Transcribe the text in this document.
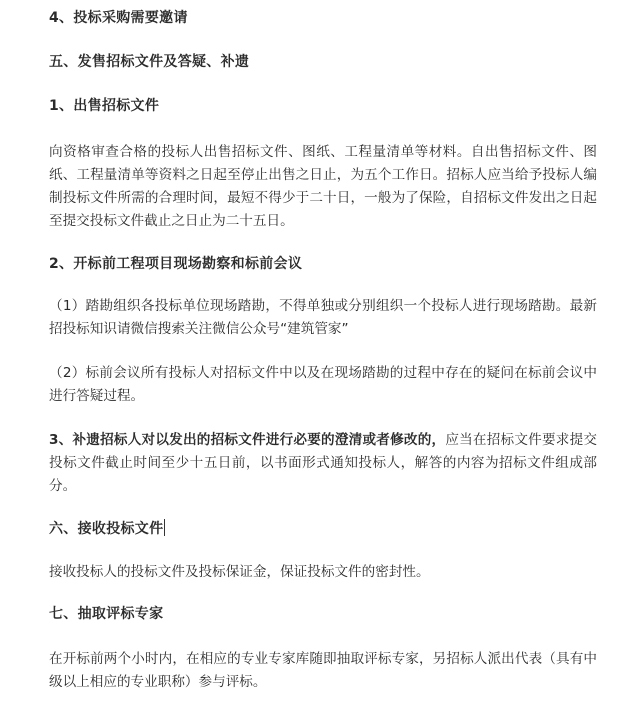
4、投标采购需要邀请
五、发售招标文件及答疑、补遗
1、出售招标文件
向资格审查合格的投标人出售招标文件、图纸、工程量清单等材料。自出售招标文件、图纸、工程量清单等资料之日起至停止出售之日止，为五个工作日。招标人应当给予投标人编制投标文件所需的合理时间，最短不得少于二十日，一般为了保险，自招标文件发出之日起至提交投标文件截止之日止为二十五日。
2、开标前工程项目现场勘察和标前会议
（1）踏勘组织各投标单位现场踏勘，不得单独或分别组织一个投标人进行现场踏勘。最新招投标知识请微信搜索关注微信公众号“建筑管家”
（2）标前会议所有投标人对招标文件中以及在现场踏勘的过程中存在的疑问在标前会议中进行答疑过程。
3、补遗招标人对以发出的招标文件进行必要的澄清或者修改的，应当在招标文件要求提交投标文件截止时间至少十五日前，以书面形式通知投标人，解答的内容为招标文件组成部分。
六、接收投标文件
接收投标人的投标文件及投标保证金，保证投标文件的密封性。
七、抽取评标专家
在开标前两个小时内，在相应的专业专家库随即抽取评标专家，另招标人派出代表（具有中级以上相应的专业职称）参与评标。
